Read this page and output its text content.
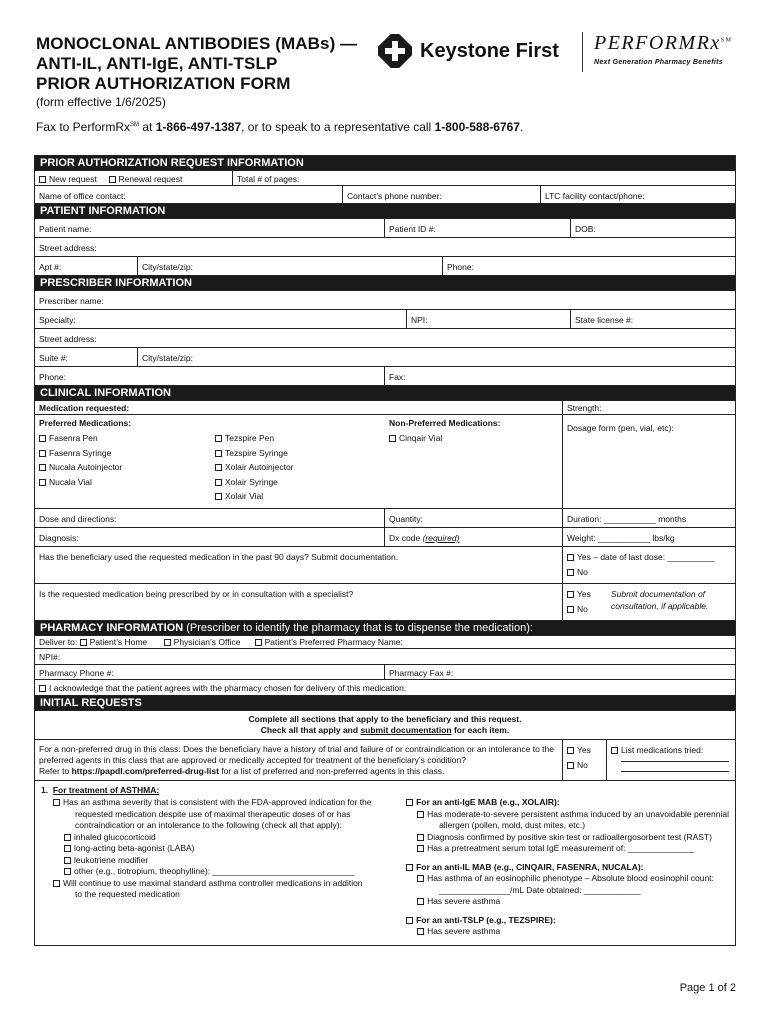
MONOCLONAL ANTIBODIES (MABs) —
ANTI-IL, ANTI-IgE, ANTI-TSLP
PRIOR AUTHORIZATION FORM
(form effective 1/6/2025)
Fax to PerformRx℠ at 1-866-497-1387, or to speak to a representative call 1-800-588-6767.
Keystone First PERFORMRx℠
Next Generation Pharmacy Benefits
PRIOR AUTHORIZATION REQUEST INFORMATION
New request	Renewal request	Total # of pages:
Name of office contact:	Contact’s phone number:	LTC facility contact/phone:
PATIENT INFORMATION
Patient name:	Patient ID #:	DOB:
Street address:
Apt #:	City/state/zip:	Phone:
PRESCRIBER INFORMATION
Prescriber name:
Specialty:	NPI:	State license #:
Street address:
Suite #:	City/state/zip:
Phone:	Fax:
CLINICAL INFORMATION
Medication requested:	Strength:
Preferred Medications:
Fasenra Pen
Fasenra Syringe
Nucala Autoinjector
Nucala Vial
Tezspire Pen
Tezspire Syringe
Xolair Autoinjector
Xolair Syringe
Xolair Vial
Non-Preferred Medications:
Cinqair Vial
Dosage form (pen, vial, etc):
Dose and directions:	Quantity:	Duration: ___________ months
Diagnosis:	Dx code (required)	Weight: ___________ lbs/kg
Has the beneficiary used the requested medication in the past 90 days? Submit documentation.	Yes – date of last dose: __________
No
Is the requested medication being prescribed by or in consultation with a specialist?	Yes
No
Submit documentation of consultation, if applicable.
PHARMACY INFORMATION (Prescriber to identify the pharmacy that is to dispense the medication):
Deliver to: Patient’s Home	Physician’s Office	Patient’s Preferred Pharmacy Name:
NPI#:
Pharmacy Phone #:	Pharmacy Fax #:
I acknowledge that the patient agrees with the pharmacy chosen for delivery of this medication.
INITIAL REQUESTS
Complete all sections that apply to the beneficiary and this request.
Check all that apply and submit documentation for each item.
For a non-preferred drug in this class: Does the beneficiary have a history of trial and failure of or contraindication or an intolerance to the
preferred agents in this class that are approved or medically accepted for treatment of the beneficiary’s condition?
Refer to https://papdl.com/preferred-drug-list for a list of preferred and non-preferred agents in this class.
Yes
No
List medications tried:
1. For treatment of ASTHMA:
Has an asthma severity that is consistent with the FDA-approved indication for the
requested medication despite use of maximal therapeutic doses of or has
contraindication or an intolerance to the following (check all that apply):
inhaled glucocorticoid
long-acting beta-agonist (LABA)
leukotriene modifier
other (e.g., tiotropium, theophylline): ______________________________
Will continue to use maximal standard asthma controller medications in addition
to the requested medication
For an anti-IgE MAB (e.g., XOLAIR):
Has moderate-to-severe persistent asthma induced by an unavoidable perennial
allergen (pollen, mold, dust mites, etc.)
Diagnosis confirmed by positive skin test or radioallergosorbent test (RAST)
Has a pretreatment serum total IgE measurement of: ______________
For an anti-IL MAB (e.g., CINQAIR, FASENRA, NUCALA):
Has asthma of an eosinophilic phenotype – Absolute blood eosinophil count:
_______________/mL Date obtained: ____________
Has severe asthma
For an anti-TSLP (e.g., TEZSPIRE):
Has severe asthma
Page 1 of 2
